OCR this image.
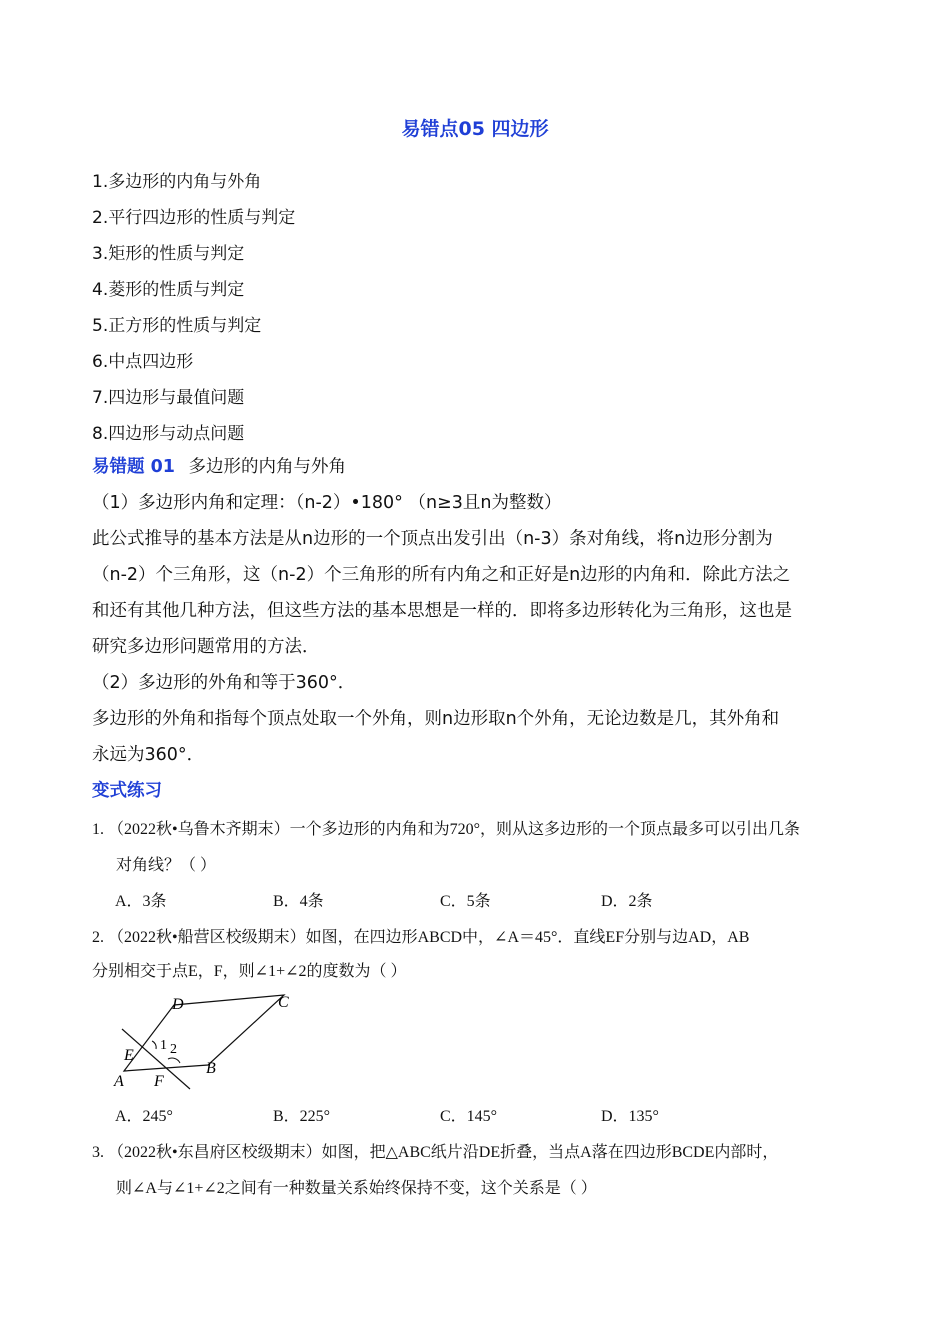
易错点05 四边形
1.多边形的内角与外角
2.平行四边形的性质与判定
3.矩形的性质与判定
4.菱形的性质与判定
5.正方形的性质与判定
6.中点四边形
7.四边形与最值问题
8.四边形与动点问题
易错题 01 多边形的内角与外角
（1）多边形内角和定理：（n-2）•180° （n≥3且n为整数）
此公式推导的基本方法是从n边形的一个顶点出发引出（n-3）条对角线，将n边形分割为
（n-2）个三角形，这（n-2）个三角形的所有内角之和正好是n边形的内角和．除此方法之
和还有其他几种方法，但这些方法的基本思想是一样的．即将多边形转化为三角形，这也是
研究多边形问题常用的方法．
（2）多边形的外角和等于360°．
多边形的外角和指每个顶点处取一个外角，则n边形取n个外角，无论边数是几，其外角和
永远为360°．
变式练习
1. （2022秋•乌鲁木齐期末）一个多边形的内角和为720°，则从这多边形的一个顶点最多可以引出几条
对角线？（ ）
A．3条	B．4条	C．5条	D．2条
2. （2022秋•船营区校级期末）如图，在四边形ABCD中，∠A＝45°．直线EF分别与边AD，AB
分别相交于点E，F，则∠1+∠2的度数为（ ）
D	C
E
A F
B
1 2
A．245°	B．225°	C．145°	D．135°
3. （2022秋•东昌府区校级期末）如图，把△ABC纸片沿DE折叠，当点A落在四边形BCDE内部时，
则∠A与∠1+∠2之间有一种数量关系始终保持不变，这个关系是（ ）
